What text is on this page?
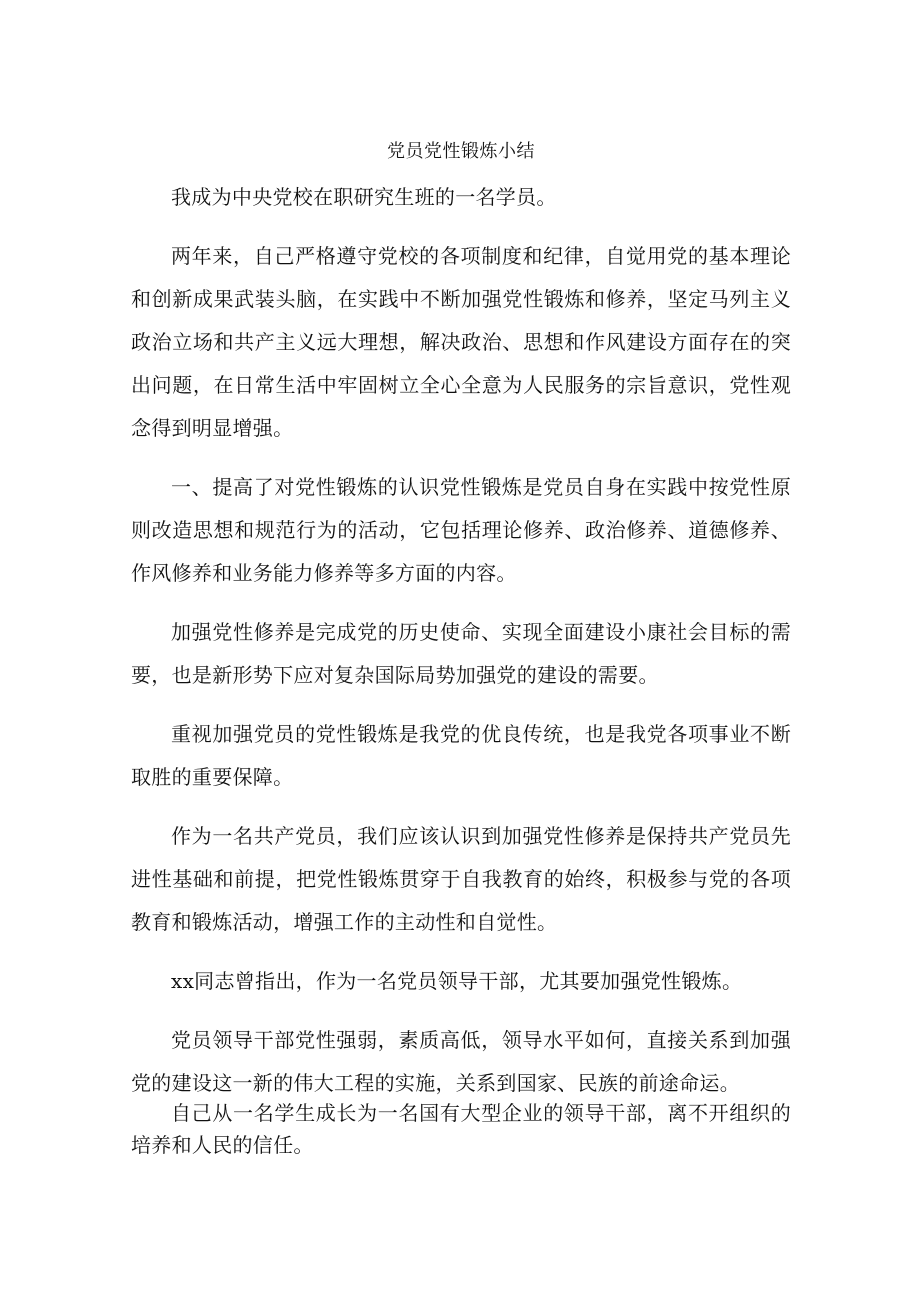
党员党性锻炼小结

我成为中央党校在职研究生班的一名学员。

两年来，自己严格遵守党校的各项制度和纪律，自觉用党的基本理论和创新成果武装头脑，在实践中不断加强党性锻炼和修养，坚定马列主义政治立场和共产主义远大理想，解决政治、思想和作风建设方面存在的突出问题，在日常生活中牢固树立全心全意为人民服务的宗旨意识，党性观念得到明显增强。

一、提高了对党性锻炼的认识党性锻炼是党员自身在实践中按党性原则改造思想和规范行为的活动，它包括理论修养、政治修养、道德修养、作风修养和业务能力修养等多方面的内容。

加强党性修养是完成党的历史使命、实现全面建设小康社会目标的需要，也是新形势下应对复杂国际局势加强党的建设的需要。

重视加强党员的党性锻炼是我党的优良传统，也是我党各项事业不断取胜的重要保障。

作为一名共产党员，我们应该认识到加强党性修养是保持共产党员先进性基础和前提，把党性锻炼贯穿于自我教育的始终，积极参与党的各项教育和锻炼活动，增强工作的主动性和自觉性。

xx同志曾指出，作为一名党员领导干部，尤其要加强党性锻炼。

党员领导干部党性强弱，素质高低，领导水平如何，直接关系到加强党的建设这一新的伟大工程的实施，关系到国家、民族的前途命运。

自己从一名学生成长为一名国有大型企业的领导干部，离不开组织的培养和人民的信任。
